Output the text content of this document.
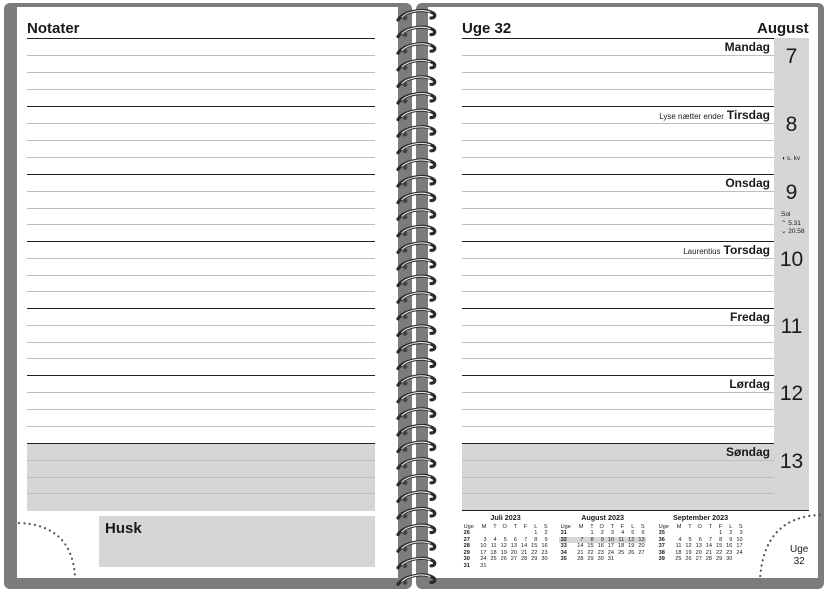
Notater
Husk
Uge 32	August
Mandag 7
Lyse nætter ender Tirsdag 8
Onsdag 9
Laurentius Torsdag 10
Fredag 11
Lørdag 12
Søndag 13
◑ s. kv
Sol
⌃ 5.31
⌄ 20.58
Juli 2023
Uge	M	T	O	T	F	L	S
26						1	2
27	3	4	5	6	7	8	9
28	10	11	12	13	14	15	16
29	17	18	19	20	21	22	23
30	24	25	26	27	28	29	30
31	31						
August 2023
Uge	M	T	O	T	F	L	S
31		1	2	3	4	5	6
32	7	8	9	10	11	12	13
33	14	15	16	17	18	19	20
34	21	22	23	24	25	26	27
35	28	29	30	31			
September 2023
Uge	M	T	O	T	F	L	S
35					1	2	3
36	4	5	6	7	8	9	10
37	11	12	13	14	15	16	17
38	18	19	20	21	22	23	24
39	25	26	27	28	29	30	
Uge
32
